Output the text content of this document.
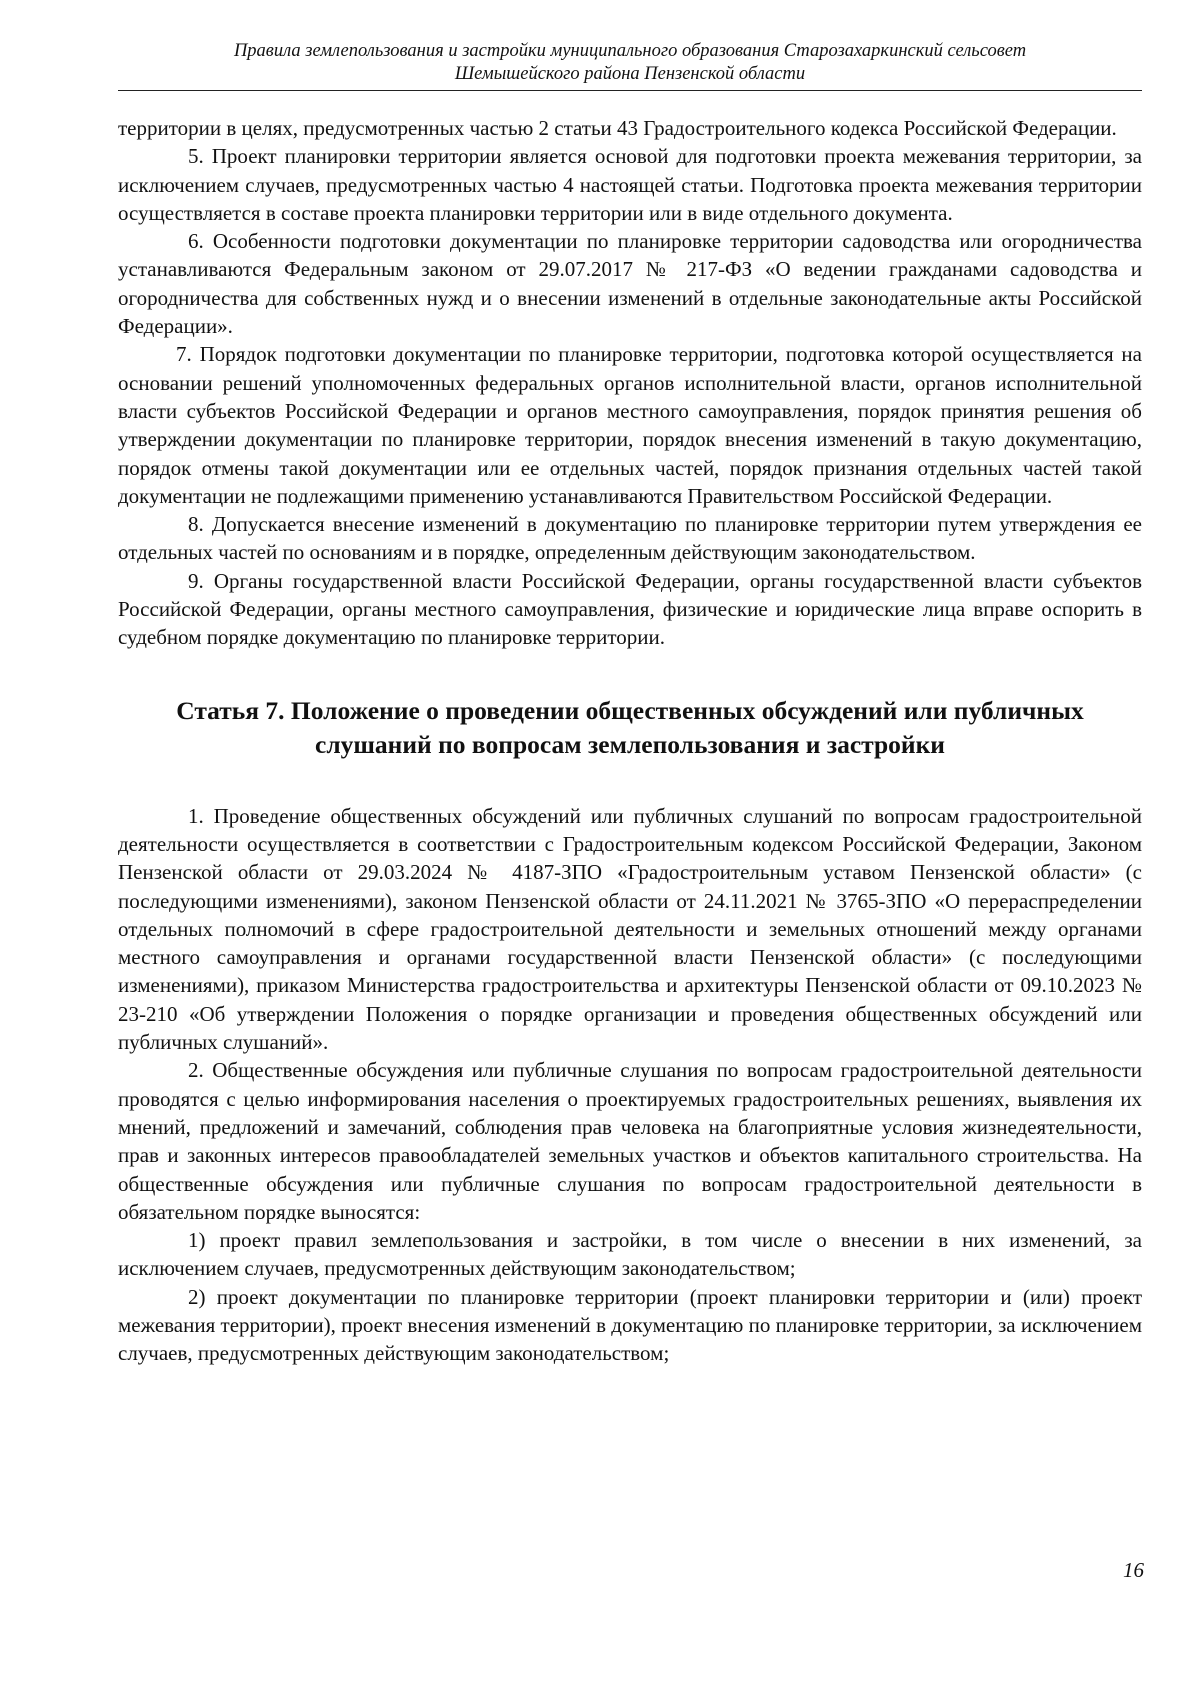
Правила землепользования и застройки муниципального образования Старозахаркинский сельсовет
Шемышейского района Пензенской области

территории в целях, предусмотренных частью 2 статьи 43 Градостроительного кодекса Российской Федерации.

5. Проект планировки территории является основой для подготовки проекта межевания территории, за исключением случаев, предусмотренных частью 4 настоящей статьи. Подготовка проекта межевания территории осуществляется в составе проекта планировки территории или в виде отдельного документа.

6. Особенности подготовки документации по планировке территории садоводства или огородничества устанавливаются Федеральным законом от 29.07.2017 № 217-ФЗ «О ведении гражданами садоводства и огородничества для собственных нужд и о внесении изменений в отдельные законодательные акты Российской Федерации».

7. Порядок подготовки документации по планировке территории, подготовка которой осуществляется на основании решений уполномоченных федеральных органов исполнительной власти, органов исполнительной власти субъектов Российской Федерации и органов местного самоуправления, порядок принятия решения об утверждении документации по планировке территории, порядок внесения изменений в такую документацию, порядок отмены такой документации или ее отдельных частей, порядок признания отдельных частей такой документации не подлежащими применению устанавливаются Правительством Российской Федерации.

8. Допускается внесение изменений в документацию по планировке территории путем утверждения ее отдельных частей по основаниям и в порядке, определенным действующим законодательством.

9. Органы государственной власти Российской Федерации, органы государственной власти субъектов Российской Федерации, органы местного самоуправления, физические и юридические лица вправе оспорить в судебном порядке документацию по планировке территории.

Статья 7. Положение о проведении общественных обсуждений или публичных
слушаний по вопросам землепользования и застройки

1. Проведение общественных обсуждений или публичных слушаний по вопросам градостроительной деятельности осуществляется в соответствии с Градостроительным кодексом Российской Федерации, Законом Пензенской области от 29.03.2024 № 4187-ЗПО «Градостроительным уставом Пензенской области» (с последующими изменениями), законом Пензенской области от 24.11.2021 № 3765-ЗПО «О перераспределении отдельных полномочий в сфере градостроительной деятельности и земельных отношений между органами местного самоуправления и органами государственной власти Пензенской области» (с последующими изменениями), приказом Министерства градостроительства и архитектуры Пензенской области от 09.10.2023 № 23-210 «Об утверждении Положения о порядке организации и проведения общественных обсуждений или публичных слушаний».

2. Общественные обсуждения или публичные слушания по вопросам градостроительной деятельности проводятся с целью информирования населения о проектируемых градостроительных решениях, выявления их мнений, предложений и замечаний, соблюдения прав человека на благоприятные условия жизнедеятельности, прав и законных интересов правообладателей земельных участков и объектов капитального строительства. На общественные обсуждения или публичные слушания по вопросам градостроительной деятельности в обязательном порядке выносятся:

1) проект правил землепользования и застройки, в том числе о внесении в них изменений, за исключением случаев, предусмотренных действующим законодательством;

2) проект документации по планировке территории (проект планировки территории и (или) проект межевания территории), проект внесения изменений в документацию по планировке территории, за исключением случаев, предусмотренных действующим законодательством;

16
